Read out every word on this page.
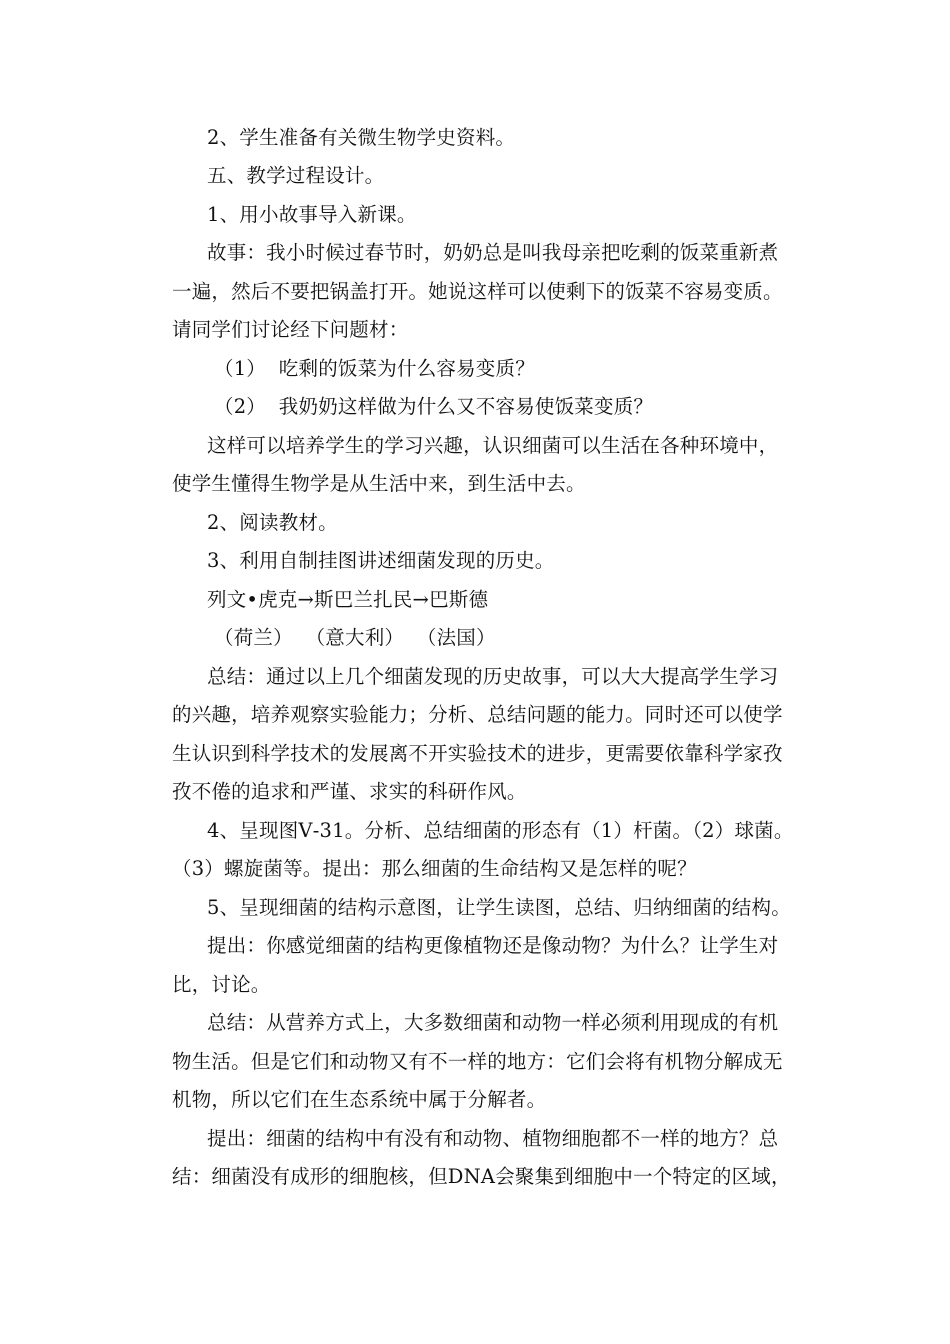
2、学生准备有关微生物学史资料。
五、教学过程设计。
1、用小故事导入新课。
故事：我小时候过春节时，奶奶总是叫我母亲把吃剩的饭菜重新煮
一遍，然后不要把锅盖打开。她说这样可以使剩下的饭菜不容易变质。
请同学们讨论经下问题材：
（1）  吃剩的饭菜为什么容易变质？
（2）  我奶奶这样做为什么又不容易使饭菜变质？
这样可以培养学生的学习兴趣，认识细菌可以生活在各种环境中，
使学生懂得生物学是从生活中来，到生活中去。
2、阅读教材。
3、利用自制挂图讲述细菌发现的历史。
列文•虎克→斯巴兰扎民→巴斯德
（荷兰）  （意大利）  （法国）
总结：通过以上几个细菌发现的历史故事，可以大大提高学生学习
的兴趣，培养观察实验能力；分析、总结问题的能力。同时还可以使学
生认识到科学技术的发展离不开实验技术的进步，更需要依靠科学家孜
孜不倦的追求和严谨、求实的科研作风。
4、呈现图Ⅴ-31。分析、总结细菌的形态有（1）杆菌。（2）球菌。
（3）螺旋菌等。提出：那么细菌的生命结构又是怎样的呢？
5、呈现细菌的结构示意图，让学生读图，总结、归纳细菌的结构。
提出：你感觉细菌的结构更像植物还是像动物？为什么？让学生对
比，讨论。
总结：从营养方式上，大多数细菌和动物一样必须利用现成的有机
物生活。但是它们和动物又有不一样的地方：它们会将有机物分解成无
机物，所以它们在生态系统中属于分解者。
提出：细菌的结构中有没有和动物、植物细胞都不一样的地方？总
结：细菌没有成形的细胞核，但DNA会聚集到细胞中一个特定的区域，
